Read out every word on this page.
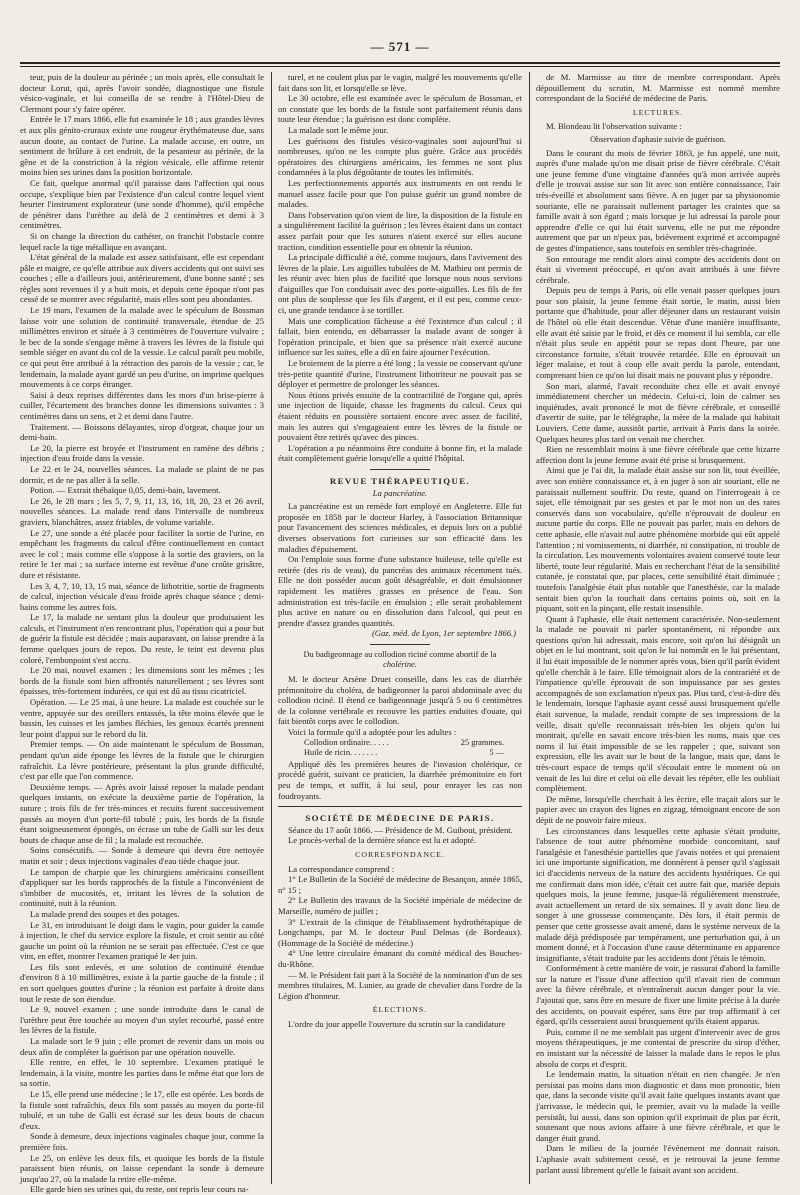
— 571 —

teur, puis de la douleur au périnée ; un mois après, elle consultait le docteur Lorut, qui, après l'avoir sondée, diagnostique une fistule vésico-vaginale, et lui conseilla de se rendre à l'Hôtel-Dieu de Clermont pour s'y faire opérer.

Entrée le 17 mars 1866, elle fut examinée le 18 ; aux grandes lèvres et aux plis génito-cruraux existe une rougeur érythémateuse due, sans aucun doute, au contact de l'urine. La malade accuse, en outre, un sentiment de brûlure à cet endroit, de la pesanteur au périnée, de la gêne et de la constriction à la région vésicale, elle affirme retenir moins bien ses urines dans la position horizontale.

Ce fait, quelque anormal qu'il paraisse dans l'affection qui nous occupe, s'explique bien par l'existence d'un calcul contre lequel vient heurter l'instrument explorateur (une sonde d'homme), qu'il empêche de pénétrer dans l'urèthre au delà de 2 centimètres et demi à 3 centimètres.

Si on change la direction du cathéter, on franchit l'obstacle contre lequel racle la tige métallique en avançant.

L'état général de la malade est assez satisfaisant, elle est cependant pâle et maigre, ce qu'elle attribue aux divers accidents qui ont suivi ses couches ; elle a d'ailleurs joui, antérieurement, d'une bonne santé ; ses règles sont revenues il y a huit mois, et depuis cette époque n'ont pas cessé de se montrer avec régularité, mais elles sont peu abondantes.

Le 19 mars, l'examen de la malade avec le spéculum de Bossman laisse voir une solution de continuité transversale, étendue de 25 millimètres environ et située à 3 centimètres de l'ouverture vulvaire ; le bec de la sonde s'engage même à travers les lèvres de la fistule qui semble siéger en avant du col de la vessie. Le calcul paraît peu mobile, ce qui peut être attribué à la rétraction des parois de la vessie ; car, le lendemain, la malade ayant gardé un peu d'urine, on imprime quelques mouvements à ce corps étranger.

Saisi à deux reprises différentes dans les mors d'un brise-pierre à cuiller, l'écartement des branches donne les dimensions suivantes : 3 centimètres dans un sens, et 2 et demi dans l'autre.

Traitement. — Boissons délayantes, sirop d'orgeat, chaque jour un demi-bain.

Le 20, la pierre est broyée et l'instrument en ramène des débris ; injection d'eau froide dans la vessie.

Le 22 et le 24, nouvelles séances. La malade se plaint de ne pas dormir, et de ne pas aller à la selle.

Potion. — Extrait thébaïque 0,05, demi-bain, lavement.

Le 26, le 28 mars ; les 5, 7, 9, 11, 13, 16, 18, 20, 23 et 26 avril, nouvelles séances. La malade rend dans l'intervalle de nombreux graviers, blanchâtres, assez friables, de volume variable.

Le 27, une sonde a été placée pour faciliter la sortie de l'urine, en empêchant les fragments du calcul d'être continuellement en contact avec le col ; mais comme elle s'oppose à la sortie des graviers, on la retire le 1er mai ; sa surface interne est revêtue d'une croûte grisâtre, dure et résistante.

Les 3, 4, 7, 10, 13, 15 mai, séance de lithotritie, sortie de fragments de calcul, injection vésicale d'eau froide après chaque séance ; demi-bains comme les autres fois.

Le 17, la malade ne sentant plus la douleur que produisaient les calculs, et l'instrument n'en rencontrant plus, l'opération qui a pour but de guérir la fistule est décidée ; mais auparavant, on laisse prendre à la femme quelques jours de repos. Du reste, le teint est devenu plus coloré, l'embonpoint s'est accru.

Le 20 mai, nouvel examen ; les dimensions sont les mêmes ; les bords de la fistule sont bien affrontés naturellement ; ses lèvres sont épaisses, très-fortement indurées, ce qui est dû au tissu cicatriciel.

Opération. — Le 25 mai, à une heure. La malade est couchée sur le ventre, appuyée sur des oreillers entassés, la tête moins élevée que le bassin, les cuisses et les jambes fléchies, les genoux écartés prennent leur point d'appui sur le rebord du lit.

Premier temps. — On aide maintenant le spéculum de Bossman, pendant qu'un aide éponge les lèvres de la fistule que le chirurgien rafraîchit. La lèvre postérieure, présentant la plus grande difficulté, c'est par elle que l'on commence.

Deuxième temps. — Après avoir laissé reposer la malade pendant quelques instants, on exécute la deuxième partie de l'opération, la suture ; trois fils de fer très-minces et recuits furent successivement passés au moyen d'un porte-fil tubulé ; puis, les bords de la fistule étant soigneusement épongés, on écrase un tube de Galli sur les deux bouts de chaque anse de fil ; la malade est recouchée.

Soins consécutifs. — Sonde à demeure qui devra être nettoyée matin et soir ; deux injections vaginales d'eau tiède chaque jour.

Le tampon de charpie que les chirurgiens américains conseillent d'appliquer sur les bords rapprochés de la fistule a l'inconvénient de s'imbiber de mucosités, et, irritant les lèvres de la solution de continuité, nuit à la réunion.

La malade prend des soupes et des potages.

Le 31, en introduisant le doigt dans le vagin, pour guider la canule à injection, le chef du service explore la fistule, et croit sentir au côté gauche un point où la réunion ne se serait pas effectuée. C'est ce que vint, en effet, montrer l'examen pratiqué le 4er juin.

Les fils sont enlevés, et une solution de continuité étendue d'environ 8 à 10 millimètres, existe à la partie gauche de la fistule ; il en sort quelques gouttes d'urine ; la réunion est parfaite à droite dans tout le reste de son étendue.

Le 9, nouvel examen ; une sonde introduite dans le canal de l'urèthre peut être touchée au moyen d'un stylet recourbé, passé entre les lèvres de la fistule.

La malade sort le 9 juin ; elle promet de revenir dans un mois ou deux afin de compléter la guérison par une opération nouvelle.

Elle rentre, en effet, le 10 septembre. L'examen pratiqué le lendemain, à la visite, montre les parties dans le même état que lors de sa sortie.

Le 15, elle prend une médecine ; le 17, elle est opérée. Les bords de la fistule sont rafraîchis, deux fils sont passés au moyen du porte-fil tubulé, et un tube de Galli est écrasé sur les deux bouts de chacun d'eux.

Sonde à demeure, deux injections vaginales chaque jour, comme la première fois.

Le 25, on enlève les deux fils, et quoique les bords de la fistule paraissent bien réunis, on laisse cependant la sonde à demeure jusqu'au 27, où la malade la retire elle-même.

Elle garde bien ses urines qui, du reste, ont repris leur cours na-

turel, et ne coulent plus par le vagin, malgré les mouvements qu'elle fait dans son lit, et lorsqu'elle se lève.

Le 30 octobre, elle est examinée avec le spéculum de Bossman, et on constate que les bords de la fistule sont parfaitement réunis dans toute leur étendue ; la guérison est donc complète.

La malade sort le même jour.

Les guérisons des fistules vésico-vaginales sont aujourd'hui si nombreuses, qu'on ne les compte plus guère. Grâce aux procédés opératoires des chirurgiens américains, les femmes ne sont plus condamnées à la plus dégoûtante de toutes les infirmités.

Les perfectionnements apportés aux instruments en ont rendu le manuel assez facile pour que l'on puisse guérir un grand nombre de malades.

Dans l'observation qu'on vient de lire, la disposition de la fistule en a singulièrement facilité la guérison ; les lèvres étaient dans un contact assez parfait pour que les sutures n'aient exercé sur elles aucune traction, condition essentielle pour en obtenir la réunion.

La principale difficulté a été, comme toujours, dans l'avivement des lèvres de la plaie. Les aiguilles tubulées de M. Mathieu ont permis de les réunir avec bien plus de facilité que lorsque nous nous servions d'aiguilles que l'on conduisait avec des porte-aiguilles. Les fils de fer ont plus de souplesse que les fils d'argent, et il est peu, comme ceux-ci, une grande tendance à se tortiller.

Mais une complication fâcheuse a été l'existence d'un calcul ; il fallait, bien entendu, en débarrasser la malade avant de songer à l'opération principale, et bien que sa présence n'ait exercé aucune influence sur les suites, elle a dû en faire ajourner l'exécution.

Le broiement de la pierre a été long ; la vessie ne conservant qu'une très-petite quantité d'urine, l'instrument lithotriteur ne pouvait pas se déployer et permettre de prolonger les séances.

Nous étions privés ensuite de la contractilité de l'organe qui, après une injection de liquide, chasse les fragments du calcul. Ceux qui étaient réduits en poussière sortaient encore avec assez de facilité, mais les autres qui s'engageaient entre les lèvres de la fistule ne pouvaient être retirés qu'avec des pinces.

L'opération a pu néanmoins être conduite à bonne fin, et la malade était complètement guérie lorsqu'elle a quitté l'hôpital.

REVUE THÉRAPEUTIQUE.
La pancréatine.

La pancréatine est un remède fort employé en Angleterre. Elle fut proposée en 1858 par le docteur Harley, à l'association Britannique pour l'avancement des sciences médicales, et depuis lors on a publié diverses observations fort curieuses sur son efficacité dans les maladies d'épuisement.

On l'emploie sous forme d'une substance huileuse, telle qu'elle est retirée (des ris de veau), du pancréas des animaux récemment tués. Elle ne doit posséder aucun goût désagréable, et doit émulsionner rapidement les matières grasses en présence de l'eau. Son administration est très-facile en émulsion ; elle serait probablement plus active en nature ou en dissolution dans l'alcool, qui peut en prendre d'assez grandes quantités.

(Gaz. méd. de Lyon, 1er septembre 1866.)
Du badigeonnage au collodion riciné comme abortif de la
cholérine.

M. le docteur Arsène Druet conseille, dans les cas de diarrhée prémonitoire du choléra, de badigeonner la paroi abdominale avec du collodion riciné. Il étend ce badigeonnage jusqu'à 5 ou 6 centimètres de la colonne vertébrale et recouvre les parties enduites d'ouate, qui fait bientôt corps avec le collodion.

Voici la formule qu'il a adoptée pour les adultes :

Collodion ordinaire. . . . .	25 grammes.
Huile de ricin. . . . . . .	5 —

Appliqué dès les premières heures de l'invasion cholérique, ce procédé guérit, suivant ce praticien, la diarrhée prémonitoire en fort peu de temps, et suffit, à lui seul, pour enrayer les cas non foudroyants.

SOCIÉTÉ DE MÉDECINE DE PARIS.

Séance du 17 août 1866. — Présidence de M. Guibout, président.

Le procès-verbal de la dernière séance est lu et adopté.

CORRESPONDANCE.

La correspondance comprend :

1° Le Bulletin de la Société de médecine de Besançon, année 1865, n° 15 ;

2° Le Bulletin des travaux de la Société impériale de médecine de Marseille, numéro de juillet ;

3° L'extrait de la clinique de l'établissement hydrothérapique de Longchamps, par M. le docteur Paul Delmas (de Bordeaux). (Hommage de la Société de médecine.)

4° Une lettre circulaire émanant du comité médical des Bouches-du-Rhône.

— M. le Président fait part à la Société de la nomination d'un de ses membres titulaires, M. Lunier, au grade de chevalier dans l'ordre de la Légion d'honneur.

ÉLECTIONS.

L'ordre du jour appelle l'ouverture du scrutin sur la candidature

de M. Marmisse au titre de membre correspondant. Après dépouillement du scrutin, M. Marmisse est nommé membre correspondant de la Société de médecine de Paris.

LECTURES.

M. Blondeau lit l'observation suivante :

Observation d'aphasie suivie de guérison.

Dans le courant du mois de février 1863, je fus appelé, une nuit, auprès d'une malade qu'on me disait prise de fièvre cérébrale. C'était une jeune femme d'une vingtaine d'années qu'à mon arrivée auprès d'elle je trouvai assise sur son lit avec son entière connaissance, l'air très-éveillé et absolument sans fièvre. A en juger par sa physionomie souriante, elle ne paraissait nullement partager les craintes que sa famille avait à son égard ; mais lorsque je lui adressai la parole pour apprendre d'elle ce qui lui était survenu, elle ne put me répondre autrement que par un n'peux pas, brièvement exprimé et accompagné de gestes d'impatience, sans toutefois en sembler très-chagrinée.

Son entourage me rendit alors ainsi compte des accidents dont on était si vivement préoccupé, et qu'on avait attribués à une fièvre cérébrale.

Depuis peu de temps à Paris, où elle venait passer quelques jours pour son plaisir, la jeune femme était sortie, le matin, aussi bien portante que d'habitude, pour aller déjeuner dans un restaurant voisin de l'hôtel où elle était descendue. Vêtue d'une manière insuffisante, elle avait été saisie par le froid, et dès ce moment il lui sembla, car elle n'était plus seule en appétit pour se repas dont l'heure, par une circonstance fortuite, s'était trouvée retardée. Elle en éprouvait un léger malaise, et tout à coup elle avait perdu la parole, entendant, comprenant bien ce qu'on lui disait mais ne pouvant plus y répondre.

Son mari, alarmé, l'avait reconduite chez elle et avait envoyé immédiatement chercher un médecin. Celui-ci, loin de calmer ses inquiétudes, avait prononcé le mot de fièvre cérébrale, et conseillé d'avertir de suite, par le télégraphe, la mère de la malade qui habitait Louviers. Cette dame, aussitôt partie, arrivait à Paris dans la soirée. Quelques heures plus tard on venait me chercher.

Rien ne ressemblait moins à une fièvre cérébrale que cette bizarre affection dont la jeune femme avait été prise si brusquement.

Ainsi que je l'ai dit, la malade était assise sur son lit, tout éveillée, avec son entière connaissance et, à en juger à son air souriant, elle ne paraissait nullement souffrir. Du reste, quand on l'interrogeait à ce sujet, elle témoignait par ses gestes et par le mot non un des rares conservés dans son vocabulaire, qu'elle n'éprouvait de douleur en aucune partie du corps. Elle ne pouvait pas parler, mais en dehors de cette aphasie, elle n'avait nul autre phénomène morbide qui eût appelé l'attention ; ni vomissements, ni diarrhée, ni constipation, ni trouble de la circulation. Les mouvements volontaires avaient conservé toute leur liberté, toute leur régularité. Mais en recherchant l'état de la sensibilité cutanée, je constatai que, par places, cette sensibilité était diminuée ; toutefois l'analgésie était plus notable que l'anesthésie, car la malade sentait bien qu'on la touchait dans certains points où, soit en la piquant, soit en la pinçant, elle restait insensible.

Quant à l'aphasie, elle était nettement caractérisée. Non-seulement la malade ne pouvait ni parler spontanément, ni répondre aux questions qu'on lui adressait, mais encore, soit qu'on lui désignât un objet en le lui montrant, soit qu'on le lui nommât en le lui présentant, il lui était impossible de le nommer après vous, bien qu'il parût évident qu'elle cherchât à le faire. Elle témoignait alors de la contrariété et de l'impatience qu'elle éprouvait de son impuissance par ses gestes accompagnés de son exclamation n'peux pas. Plus tard, c'est-à-dire dès le lendemain, lorsque l'aphasie ayant cessé aussi brusquement qu'elle était survenue, la malade, rendait compte de ses impressions de la veille, disait qu'elle reconnaissait très-bien les objets qu'on lui montrait, qu'elle en savait encore très-bien les noms, mais que ces noms il lui était impossible de se les rappeler ; que, suivant son expression, elle les avait sur le bout de la langue, mais que, dans le très-court espace de temps qu'il s'écoulait entre le moment où on venait de les lui dire et celui où elle devait les répéter, elle les oubliait complètement.

De même, lorsqu'elle cherchait à les écrire, elle traçait alors sur le papier avec un crayon des lignes en zigzag, témoignant encore de son dépit de ne pouvoir faire mieux.

Les circonstances dans lesquelles cette aphasie s'était produite, l'absence de tout autre phénomène morbide concomitant, sauf l'analgésie et l'anesthésie partielles que j'avais notées et qui prenaient ici une importante signification, me donnèrent à penser qu'il s'agissait ici d'accidents nerveux de la nature des accidents hystériques. Ce qui me confirmait dans mon idée, c'était cet autre fait que, mariée depuis quelques mois, la jeune femme, jusque-là régulièrement menstruée, avait actuellement un retard de six semaines. Il y avait donc lieu de songer à une grossesse commençante. Dès lors, il était permis de penser que cette grossesse avait amené, dans le système nerveux de la malade déjà prédisposée par tempérament, une perturbation qui, à un moment donné, et à l'occasion d'une cause déterminante en apparence insignifiante, s'était traduite par les accidents dont j'étais le témoin.

Conformément à cette manière de voir, je rassurai d'abord la famille sur la nature et l'issue d'une affection qu'il n'avait rien de commun avec la fièvre cérébrale, et n'entraînerait aucun danger pour la vie. J'ajoutai que, sans être en mesure de fixer une limite précise à la durée des accidents, on pouvait espérer, sans être par trop affirmatif à cet égard, qu'ils cesseraient aussi brusquement qu'ils étaient apparus.

Puis, comme il ne me semblait pas urgent d'intervenir avec de gros moyens thérapeutiques, je me contentai de prescrire du sirop d'éther, en insistant sur la nécessité de laisser la malade dans le repos le plus absolu de corps et d'esprit.

Le lendemain matin, la situation n'était en rien changée. Je n'en persistai pas moins dans mon diagnostic et dans mon pronostic, bien que, dans la seconde visite qu'il avait faite quelques instants avant que j'arrivasse, le médecin qui, le premier, avait vu la malade la veille persistât, lui aussi, dans son opinion qu'il exprimait de plus par écrit, soutenant que nous avions affaire à une fièvre cérébrale, et que le danger était grand.

Dans le milieu de la journée l'événement me donnait raison. L'aphasie avait subitement cessé, et je retrouvai la jeune femme parlant aussi librement qu'elle le faisait avant son accident.
